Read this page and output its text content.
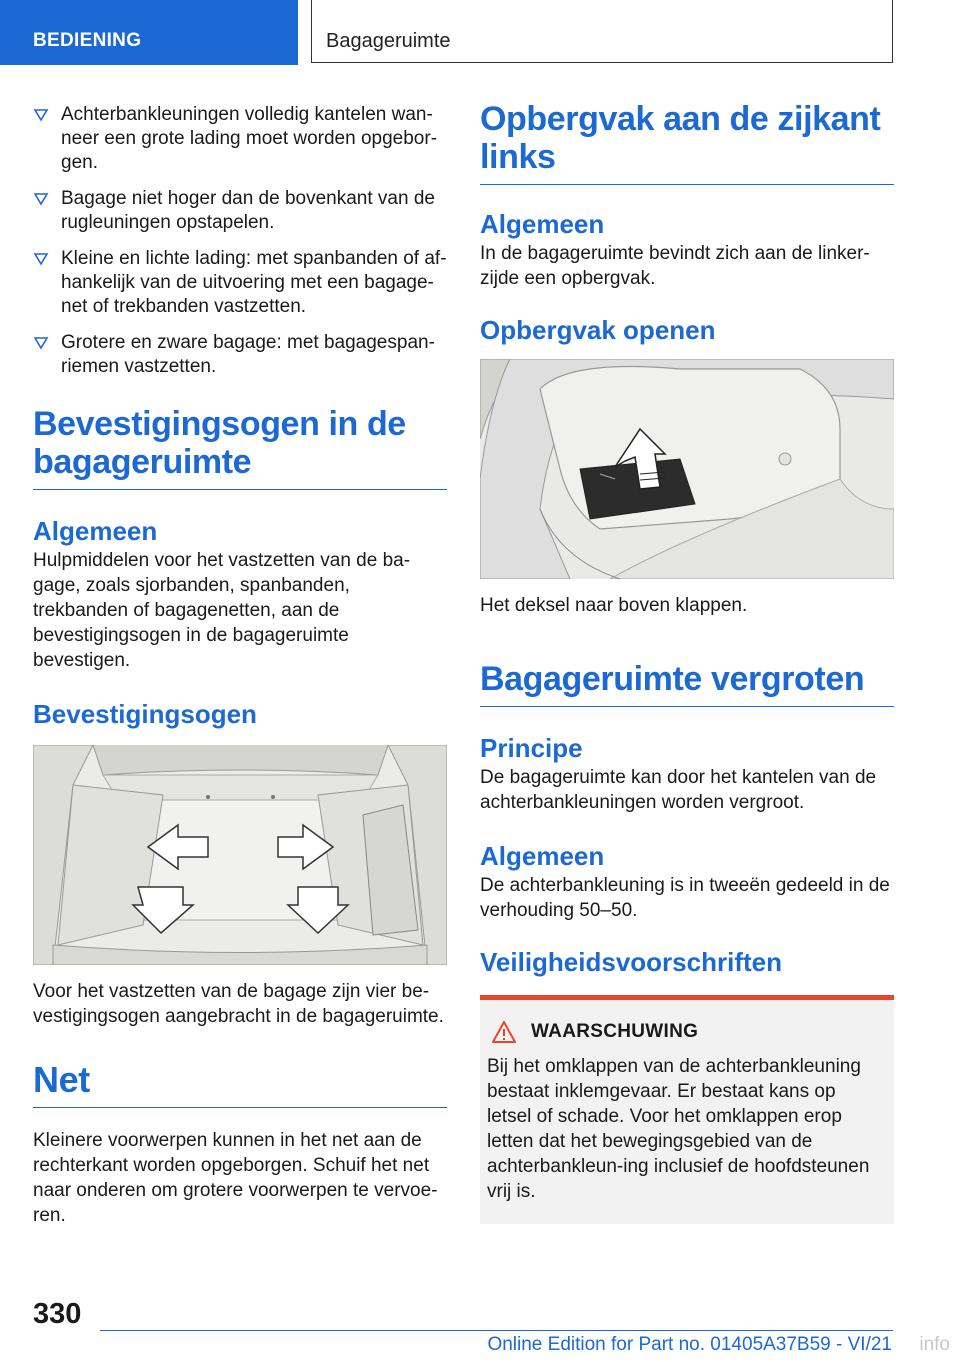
BEDIENING	Bagageruimte
Achterbankleuningen volledig kantelen wan-neer een grote lading moet worden opgebor-gen.
Bagage niet hoger dan de bovenkant van de rugleuningen opstapelen.
Kleine en lichte lading: met spanbanden of af-hankelijk van de uitvoering met een bagage-net of trekbanden vastzetten.
Grotere en zware bagage: met bagagespan-riemen vastzetten.
Bevestigingsogen in de bagageruimte
Algemeen

Hulpmiddelen voor het vastzetten van de ba-gage, zoals sjorbanden, spanbanden, trekbanden of bagagenetten, aan de bevestigingsogen in de bagageruimte bevestigen.

Bevestigingsogen

Voor het vastzetten van de bagage zijn vier be-vestigingsogen aangebracht in de bagageruimte.

Net

Kleinere voorwerpen kunnen in het net aan de rechterkant worden opgeborgen. Schuif het net naar onderen om grotere voorwerpen te vervoe-ren.

Opbergvak aan de zijkant links
Algemeen

In de bagageruimte bevindt zich aan de linker-zijde een opbergvak.

Opbergvak openen

Het deksel naar boven klappen.

Bagageruimte vergroten
Principe

De bagageruimte kan door het kantelen van de achterbankleuningen worden vergroot.

Algemeen

De achterbankleuning is in tweeën gedeeld in de verhouding 50–50.

Veiligheidsvoorschriften
WAARSCHUWING

Bij het omklappen van de achterbankleuning bestaat inklemgevaar. Er bestaat kans op letsel of schade. Voor het omklappen erop letten dat het bewegingsgebied van de achterbankleun-ing inclusief de hoofdsteunen vrij is.

330
Online Edition for Part no. 01405A37B59 - VI/21 info
